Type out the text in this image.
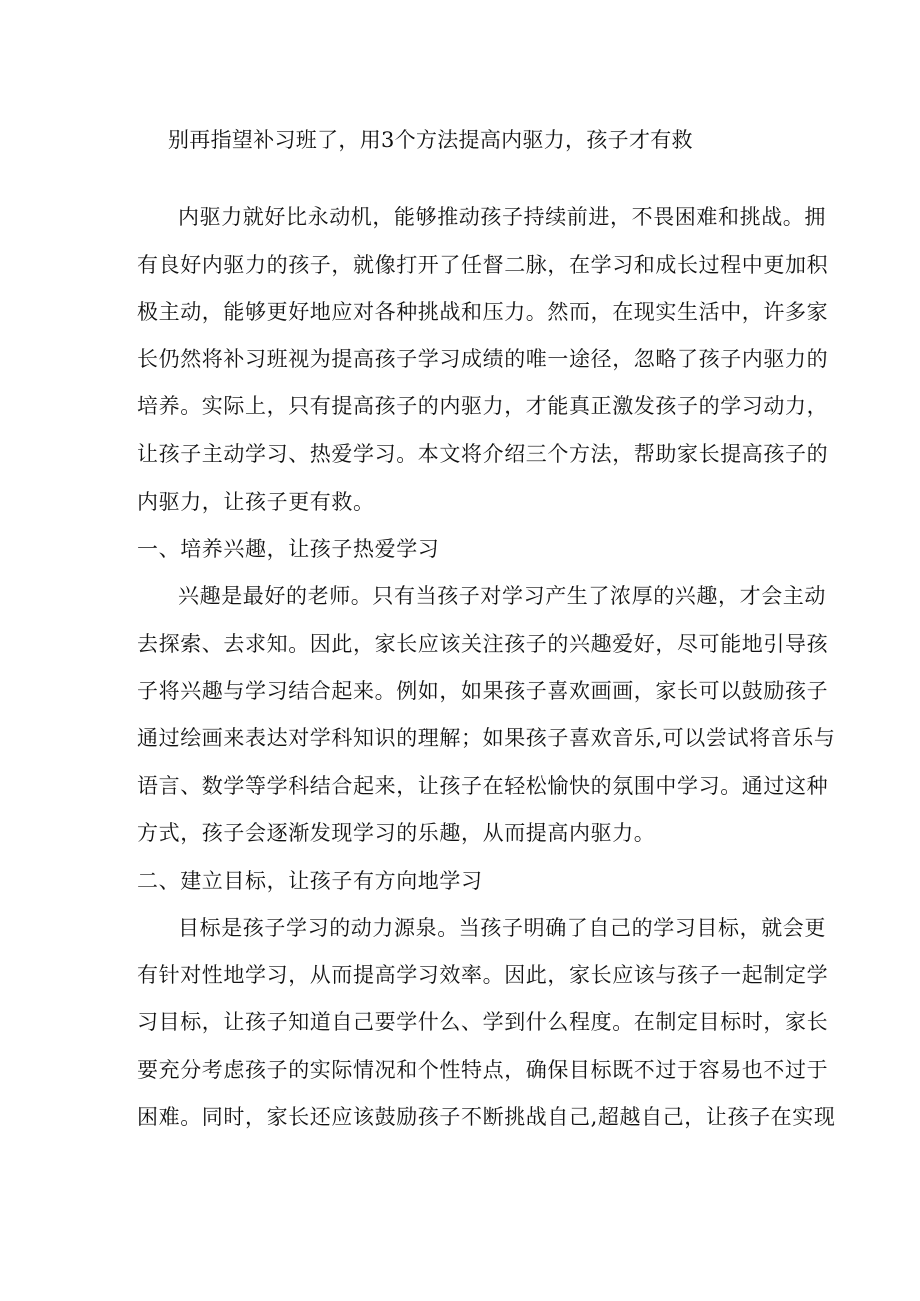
别再指望补习班了，用3个方法提高内驱力，孩子才有救
内驱力就好比永动机，能够推动孩子持续前进，不畏困难和挑战。拥
有良好内驱力的孩子，就像打开了任督二脉，在学习和成长过程中更加积
极主动，能够更好地应对各种挑战和压力。然而，在现实生活中，许多家
长仍然将补习班视为提高孩子学习成绩的唯一途径，忽略了孩子内驱力的
培养。实际上，只有提高孩子的内驱力，才能真正激发孩子的学习动力，
让孩子主动学习、热爱学习。本文将介绍三个方法，帮助家长提高孩子的
内驱力，让孩子更有救。
一、培养兴趣，让孩子热爱学习
兴趣是最好的老师。只有当孩子对学习产生了浓厚的兴趣，才会主动
去探索、去求知。因此，家长应该关注孩子的兴趣爱好，尽可能地引导孩
子将兴趣与学习结合起来。例如，如果孩子喜欢画画，家长可以鼓励孩子
通过绘画来表达对学科知识的理解；如果孩子喜欢音乐,可以尝试将音乐与
语言、数学等学科结合起来，让孩子在轻松愉快的氛围中学习。通过这种
方式，孩子会逐渐发现学习的乐趣，从而提高内驱力。
二、建立目标，让孩子有方向地学习
目标是孩子学习的动力源泉。当孩子明确了自己的学习目标，就会更
有针对性地学习，从而提高学习效率。因此，家长应该与孩子一起制定学
习目标，让孩子知道自己要学什么、学到什么程度。在制定目标时，家长
要充分考虑孩子的实际情况和个性特点，确保目标既不过于容易也不过于
困难。同时，家长还应该鼓励孩子不断挑战自己,超越自己，让孩子在实现
